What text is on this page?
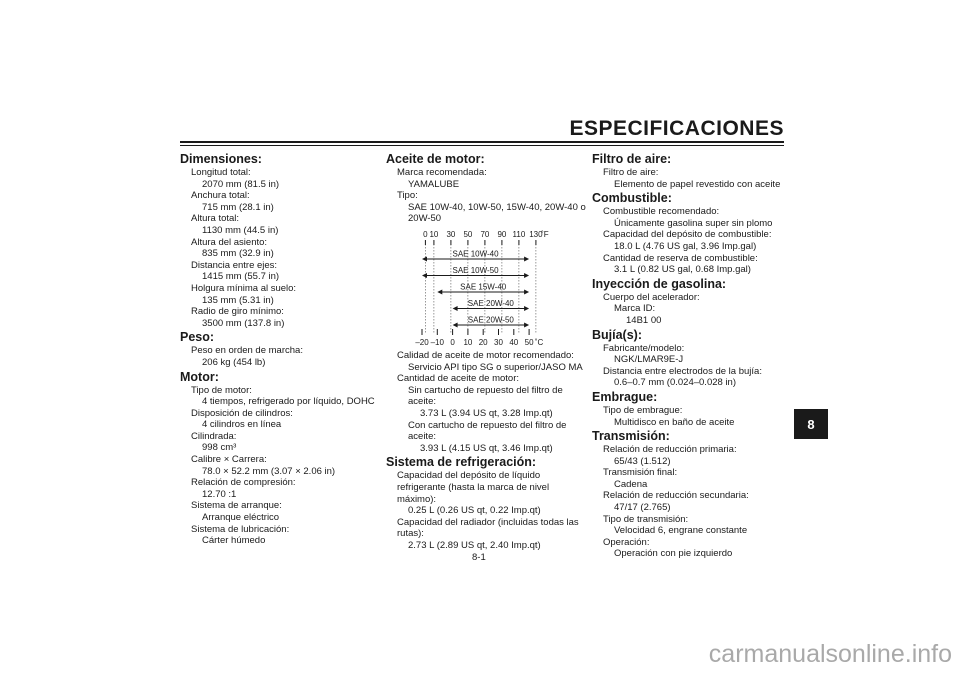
ESPECIFICACIONES
Dimensiones:
Longitud total:
2070 mm (81.5 in)
Anchura total:
715 mm (28.1 in)
Altura total:
1130 mm (44.5 in)
Altura del asiento:
835 mm (32.9 in)
Distancia entre ejes:
1415 mm (55.7 in)
Holgura mínima al suelo:
135 mm (5.31 in)
Radio de giro mínimo:
3500 mm (137.8 in)
Peso:
Peso en orden de marcha:
206 kg (454 lb)
Motor:
Tipo de motor:
4 tiempos, refrigerado por líquido, DOHC
Disposición de cilindros:
4 cilindros en línea
Cilindrada:
998 cm³
Calibre × Carrera:
78.0 × 52.2 mm (3.07 × 2.06 in)
Relación de compresión:
12.70 :1
Sistema de arranque:
Arranque eléctrico
Sistema de lubricación:
Cárter húmedo
Aceite de motor:
Marca recomendada:
YAMALUBE
Tipo:
SAE 10W-40, 10W-50, 15W-40, 20W-40 o 20W-50
0 10 30 50 70 90 110 130
˚F
–20 –10 0 10 20 30 40 50 ˚C
SAE 10W-40
SAE 10W-50
SAE 15W-40
SAE 20W-40
SAE 20W-50
Calidad de aceite de motor recomendado:
Servicio API tipo SG o superior/JASO MA
Cantidad de aceite de motor:
Sin cartucho de repuesto del filtro de aceite:
3.73 L (3.94 US qt, 3.28 Imp.qt)
Con cartucho de repuesto del filtro de aceite:
3.93 L (4.15 US qt, 3.46 Imp.qt)
Sistema de refrigeración:
Capacidad del depósito de líquido refrigerante (hasta la marca de nivel máximo):
0.25 L (0.26 US qt, 0.22 Imp.qt)
Capacidad del radiador (incluidas todas las rutas):
2.73 L (2.89 US qt, 2.40 Imp.qt)
Filtro de aire:
Filtro de aire:
Elemento de papel revestido con aceite
Combustible:
Combustible recomendado:
Únicamente gasolina super sin plomo
Capacidad del depósito de combustible:
18.0 L (4.76 US gal, 3.96 Imp.gal)
Cantidad de reserva de combustible:
3.1 L (0.82 US gal, 0.68 Imp.gal)
Inyección de gasolina:
Cuerpo del acelerador:
Marca ID:
14B1 00
Bujía(s):
Fabricante/modelo:
NGK/LMAR9E-J
Distancia entre electrodos de la bujía:
0.6–0.7 mm (0.024–0.028 in)
Embrague:
Tipo de embrague:
Multidisco en baño de aceite
Transmisión:
Relación de reducción primaria:
65/43 (1.512)
Transmisión final:
Cadena
Relación de reducción secundaria:
47/17 (2.765)
Tipo de transmisión:
Velocidad 6, engrane constante
Operación:
Operación con pie izquierdo
8-1
8
carmanualsonline.info
